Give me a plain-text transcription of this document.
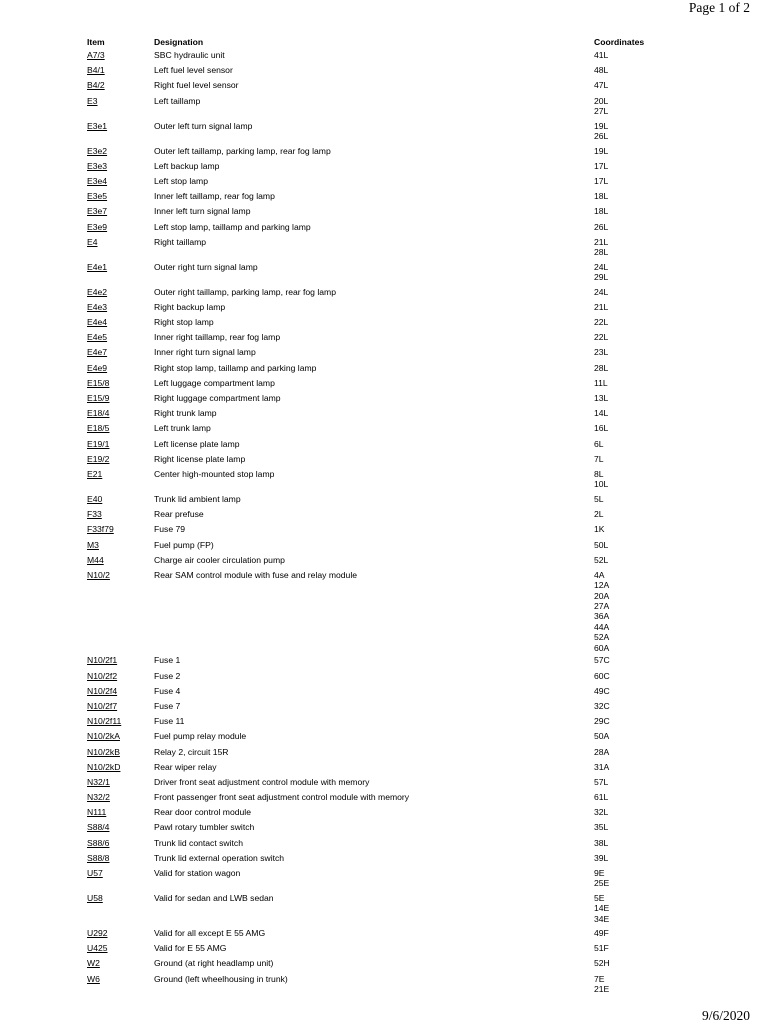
Page 1 of 2
Item	Designation	Coordinates
A7/3	SBC hydraulic unit	41L
B4/1	Left fuel level sensor	48L
B4/2	Right fuel level sensor	47L
E3	Left taillamp	20L
27L
E3e1	Outer left turn signal lamp	19L
26L
E3e2	Outer left taillamp, parking lamp, rear fog lamp	19L
E3e3	Left backup lamp	17L
E3e4	Left stop lamp	17L
E3e5	Inner left taillamp, rear fog lamp	18L
E3e7	Inner left turn signal lamp	18L
E3e9	Left stop lamp, taillamp and parking lamp	26L
E4	Right taillamp	21L
28L
E4e1	Outer right turn signal lamp	24L
29L
E4e2	Outer right taillamp, parking lamp, rear fog lamp	24L
E4e3	Right backup lamp	21L
E4e4	Right stop lamp	22L
E4e5	Inner right taillamp, rear fog lamp	22L
E4e7	Inner right turn signal lamp	23L
E4e9	Right stop lamp, taillamp and parking lamp	28L
E15/8	Left luggage compartment lamp	11L
E15/9	Right luggage compartment lamp	13L
E18/4	Right trunk lamp	14L
E18/5	Left trunk lamp	16L
E19/1	Left license plate lamp	6L
E19/2	Right license plate lamp	7L
E21	Center high-mounted stop lamp	8L
10L
E40	Trunk lid ambient lamp	5L
F33	Rear prefuse	2L
F33f79	Fuse 79	1K
M3	Fuel pump (FP)	50L
M44	Charge air cooler circulation pump	52L
N10/2	Rear SAM control module with fuse and relay module	4A
12A
20A
27A
36A
44A
52A
60A
N10/2f1	Fuse 1	57C
N10/2f2	Fuse 2	60C
N10/2f4	Fuse 4	49C
N10/2f7	Fuse 7	32C
N10/2f11	Fuse 11	29C
N10/2kA	Fuel pump relay module	50A
N10/2kB	Relay 2, circuit 15R	28A
N10/2kD	Rear wiper relay	31A
N32/1	Driver front seat adjustment control module with memory	57L
N32/2	Front passenger front seat adjustment control module with memory	61L
N111	Rear door control module	32L
S88/4	Pawl rotary tumbler switch	35L
S88/6	Trunk lid contact switch	38L
S88/8	Trunk lid external operation switch	39L
U57	Valid for station wagon	9E
25E
U58	Valid for sedan and LWB sedan	5E
14E
34E
U292	Valid for all except E 55 AMG	49F
U425	Valid for E 55 AMG	51F
W2	Ground (at right headlamp unit)	52H
W6	Ground (left wheelhousing in trunk)	7E
21E
9/6/2020
